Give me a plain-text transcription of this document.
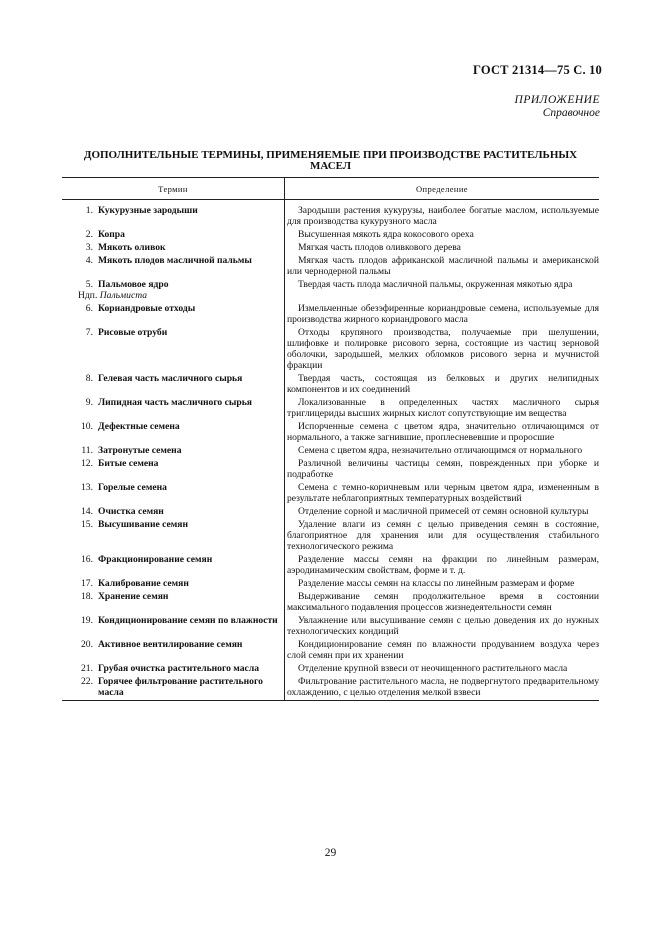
ГОСТ 21314—75 С. 10
ПРИЛОЖЕНИЕ
Справочное
ДОПОЛНИТЕЛЬНЫЕ ТЕРМИНЫ, ПРИМЕНЯЕМЫЕ ПРИ ПРОИЗВОДСТВЕ РАСТИТЕЛЬНЫХ
МАСЕЛ
Термин	Определение

1. Кукурузные зародыши	Зародыши растения кукурузы, наиболее богатые маслом, используемые для производства кукурузного масла

2. Копра	Высушенная мякоть ядра кокосового ореха

3. Мякоть оливок	Мягкая часть плодов оливкового дерева

4. Мякоть плодов масличной пальмы	Мягкая часть плодов африканской масличной пальмы и американской или чернодерной пальмы

5. Пальмовое ядро
Ндп. Пальмиста	Твердая часть плода масличной пальмы, окруженная мякотью ядра

6. Кориандровые отходы	Измельченные обезэфиренные кориандровые семена, используемые для производства жирного кориандрового масла

7. Рисовые отруби	Отходы крупяного производства, получаемые при шелушении, шлифовке и полировке рисового зерна, состоящие из частиц зерновой оболочки, зародышей, мелких обломков рисового зерна и мучнистой фракции

8. Гелевая часть масличного сырья	Твердая часть, состоящая из белковых и других нелипидных компонентов и их соединений

9. Липидная часть масличного сырья	Локализованные в определенных частях масличного сырья триглицериды высших жирных кислот сопутствующие им вещества

10. Дефектные семена	Испорченные семена с цветом ядра, значительно отличающимся от нормального, а также загнившие, проплесневевшие и проросшие

11. Затронутые семена	Семена с цветом ядра, незначительно отличающимся от нормального

12. Битые семена	Различной величины частицы семян, поврежденных при уборке и подработке

13. Горелые семена	Семена с темно-коричневым или черным цветом ядра, измененным в результате неблагоприятных температурных воздействий

14. Очистка семян	Отделение сорной и масличной примесей от семян основной культуры

15. Высушивание семян	Удаление влаги из семян с целью приведения семян в состояние, благоприятное для хранения или для осуществления стабильного технологического режима

16. Фракционирование семян	Разделение массы семян на фракции по линейным размерам, аэродинамическим свойствам, форме и т. д.

17. Калибрование семян	Разделение массы семян на классы по линейным размерам и форме

18. Хранение семян	Выдерживание семян продолжительное время в состоянии максимального подавления процессов жизнедеятельности семян

19. Кондиционирование семян по влажности	Увлажнение или высушивание семян с целью доведения их до нужных технологических кондиций

20. Активное вентилирование семян	Кондиционирование семян по влажности продуванием воздуха через слой семян при их хранении

21. Грубая очистка растительного масла	Отделение крупной взвеси от неочищенного растительного масла

22. Горячее фильтрование растительного масла	Фильтрование растительного масла, не подвергнутого предварительному охлаждению, с целью отделения мелкой взвеси
29
